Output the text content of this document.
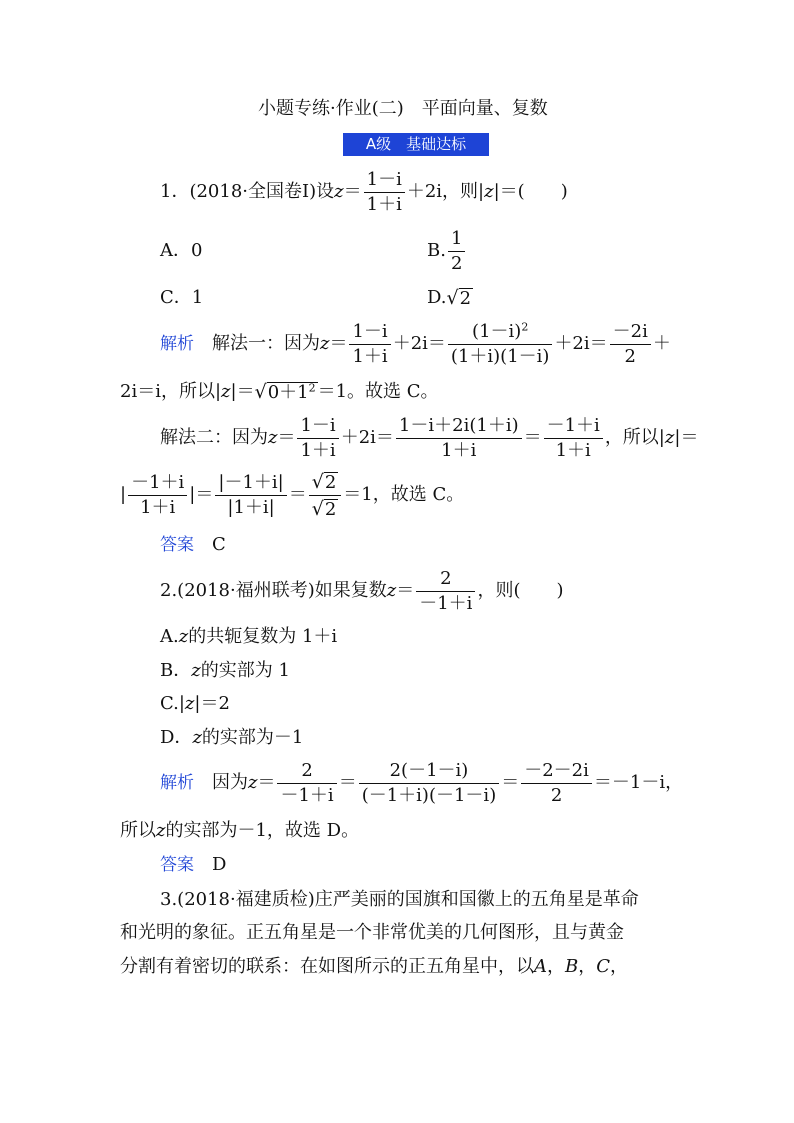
小题专练·作业(二)　平面向量、复数
A级　基础达标
1．(2018·全国卷Ⅰ)设 $z = \frac{1-i}{1+i} +2i$，则| z |＝(　　)
A．0	B. $\frac{1}{2}$
C．1	D. √ 2
解析 解法一：因为 $z = \frac{1-i}{1+i} +2i= \frac{(1-i)^2}{(1+i)(1-i)} +2i= \frac{-2i}{2}$ ＋
2i＝i，所以| z |＝ √ $0+1^2 =1$。故选 C。
解法二：因为 $z = \frac{1-i}{1+i} +2i= \frac{1-i+2i(1+i)}{1+i} = \frac{-1+i}{1+i}$ ，所以| z |＝
| $\frac{-1+i}{1+i}$ |＝ $\frac{|-1+i|}{|1+i|} = \frac{√ 2}{√ 2} =1$，故选 C。
答案 C
2.(2018·福州联考)如果复数 $z = \frac{2}{-1+i}$ ，则(　　)
A. z 的共轭复数为 1＋i
B． z 的实部为 1
C.| z |＝2
D． z 的实部为－1
解析 因为 $z = \frac{2}{-1+i} = \frac{2(-1-i)}{(-1+i)(-1-i)} = \frac{-2-2i}{2} =-1-i$，
所以 z 的实部为－1，故选 D。
答案 D
3.(2018·福建质检) 庄严美丽的国旗和国徽上的五角星是革命
和光明的象征。正五角星是一个非常优美的几何图形，且与黄金
分割有着密切的联系：在如图所示的正五角星中，以 A ， B ， C ，
